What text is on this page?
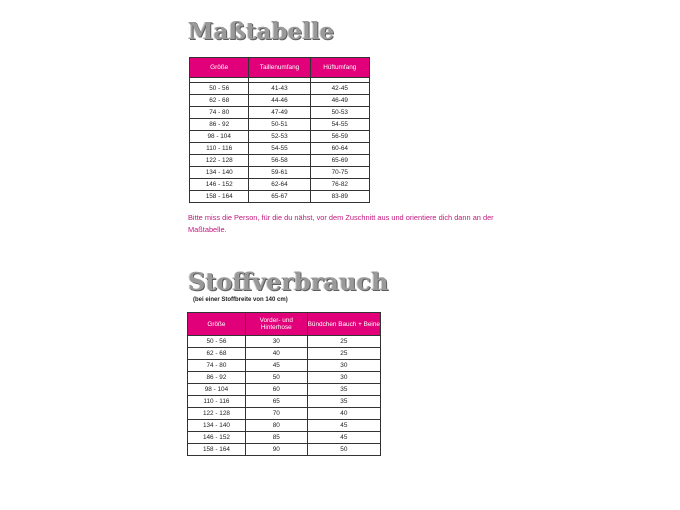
Maßtabelle
Größe	Taillenumfang	Hüftumfang

50 - 56	41-43	42-45
62 - 68	44-46	46-49
74 - 80	47-49	50-53
86 - 92	50-51	54-55
98 - 104	52-53	56-59
110 - 116	54-55	60-64
122 - 128	56-58	65-69
134 - 140	59-61	70-75
146 - 152	62-64	76-82
158 - 164	65-67	83-89

Bitte miss die Person, für die du nähst, vor dem Zuschnitt aus und orientiere dich dann an der Maßtabelle.

Stoffverbrauch
(bei einer Stoffbreite von 140 cm)
Größe	Vorder- und Hinterhose	Bündchen Bauch + Beine
50 - 56	30	25
62 - 68	40	25
74 - 80	45	30
86 - 92	50	30
98 - 104	60	35
110 - 116	65	35
122 - 128	70	40
134 - 140	80	45
146 - 152	85	45
158 - 164	90	50
